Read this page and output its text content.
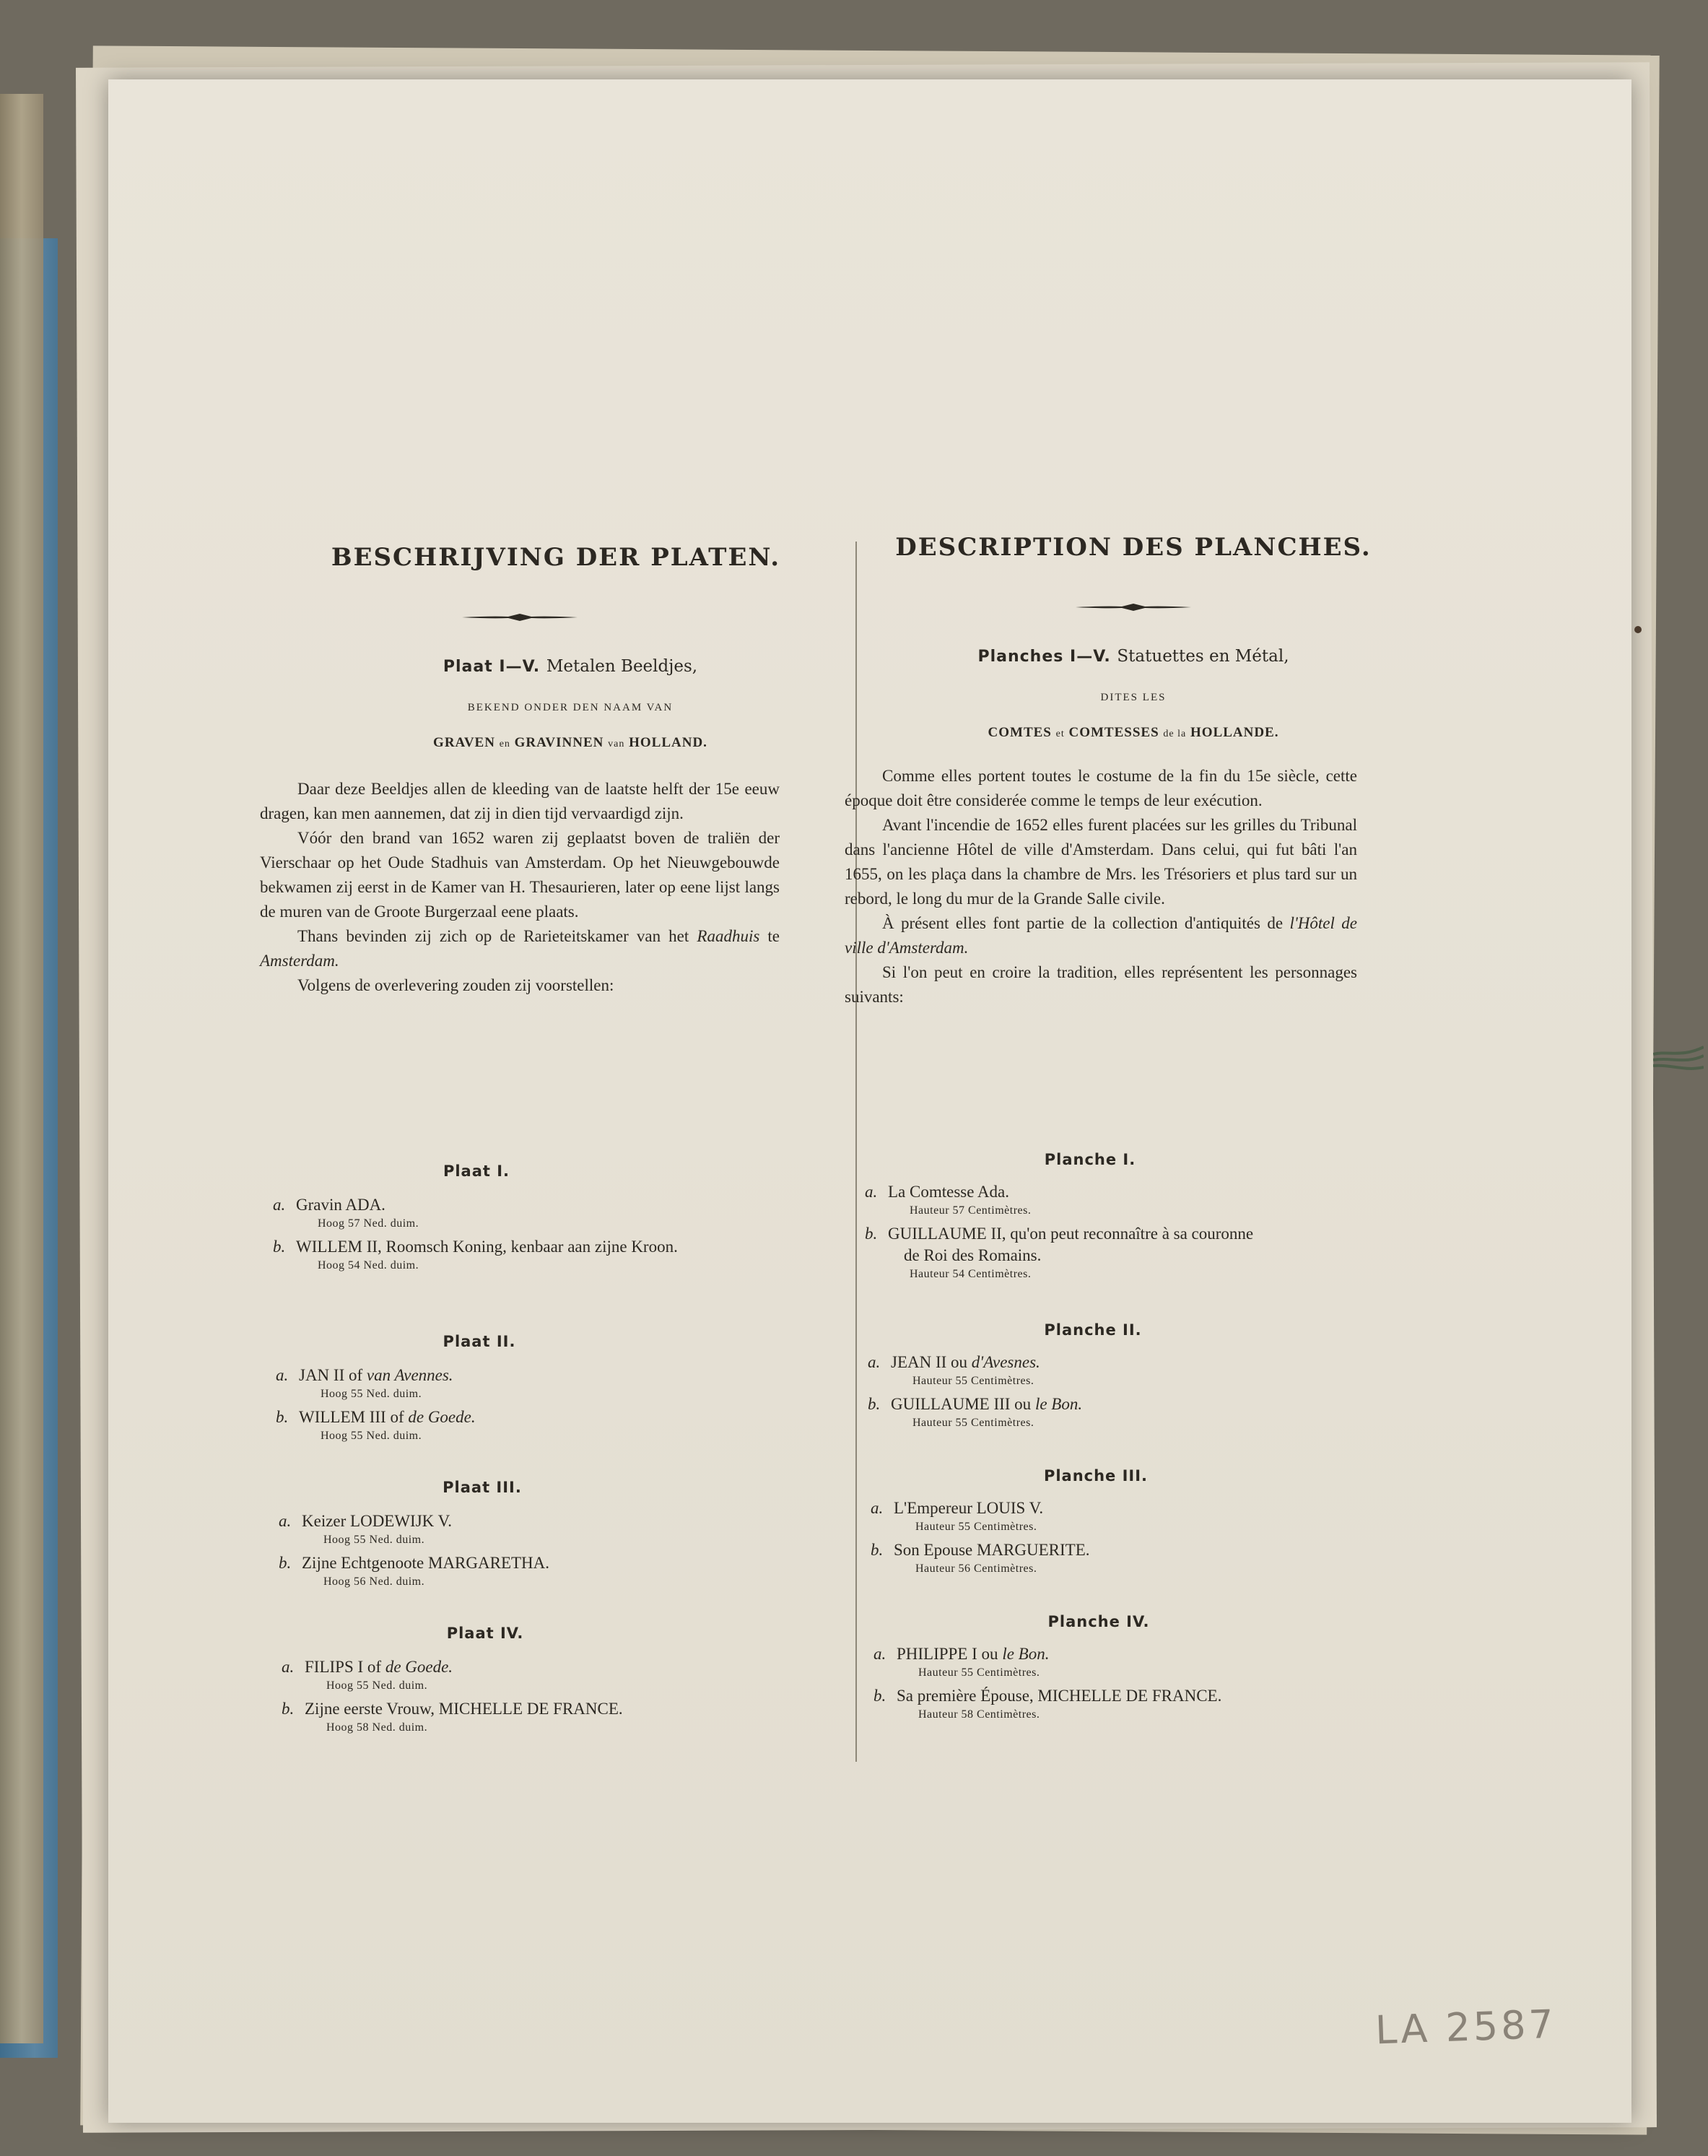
BESCHRIJVING DER PLATEN.
Plaat I—V. Metalen Beeldjes,
BEKEND ONDER DEN NAAM VAN
GRAVEN en GRAVINNEN van HOLLAND.

Daar deze Beeldjes allen de kleeding van de laatste helft der 15e eeuw dragen, kan men aannemen, dat zij in dien tijd vervaardigd zijn.

Vóór den brand van 1652 waren zij geplaatst boven de traliën der Vierschaar op het Oude Stadhuis van Amsterdam. Op het Nieuwgebouwde bekwamen zij eerst in de Kamer van H. Thesaurieren, later op eene lijst langs de muren van de Groote Burgerzaal eene plaats.

Thans bevinden zij zich op de Rarieteitskamer van het Raadhuis te Amsterdam.

Volgens de overlevering zouden zij voorstellen:

Plaat I.
a. Gravin ADA.
Hoog 57 Ned. duim.
b. WILLEM II, Roomsch Koning, kenbaar aan zijne Kroon.
Hoog 54 Ned. duim.
Plaat II.
a. JAN II of van Avennes.
Hoog 55 Ned. duim.
b. WILLEM III of de Goede.
Hoog 55 Ned. duim.
Plaat III.
a. Keizer LODEWIJK V.
Hoog 55 Ned. duim.
b. Zijne Echtgenoote MARGARETHA.
Hoog 56 Ned. duim.
Plaat IV.
a. FILIPS I of de Goede.
Hoog 55 Ned. duim.
b. Zijne eerste Vrouw, MICHELLE DE FRANCE.
Hoog 58 Ned. duim.
DESCRIPTION DES PLANCHES.
Planches I—V. Statuettes en Métal,
DITES LES
COMTES et COMTESSES de la HOLLANDE.

Comme elles portent toutes le costume de la fin du 15e siècle, cette époque doit être considerée comme le temps de leur exécution.

Avant l'incendie de 1652 elles furent placées sur les grilles du Tribunal dans l'ancienne Hôtel de ville d'Amsterdam. Dans celui, qui fut bâti l'an 1655, on les plaça dans la chambre de Mrs. les Trésoriers et plus tard sur un rebord, le long du mur de la Grande Salle civile.

À présent elles font partie de la collection d'antiquités de l'Hôtel de ville d'Amsterdam.

Si l'on peut en croire la tradition, elles représentent les personnages suivants:

Planche I.
a. La Comtesse Ada.
Hauteur 57 Centimètres.
b. GUILLAUME II, qu'on peut reconnaître à sa couronne
de Roi des Romains.
Hauteur 54 Centimètres.
Planche II.
a. JEAN II ou d'Avesnes.
Hauteur 55 Centimètres.
b. GUILLAUME III ou le Bon.
Hauteur 55 Centimètres.
Planche III.
a. L'Empereur LOUIS V.
Hauteur 55 Centimètres.
b. Son Epouse MARGUERITE.
Hauteur 56 Centimètres.
Planche IV.
a. PHILIPPE I ou le Bon.
Hauteur 55 Centimètres.
b. Sa première Épouse, MICHELLE DE FRANCE.
Hauteur 58 Centimètres.
LA 2587
